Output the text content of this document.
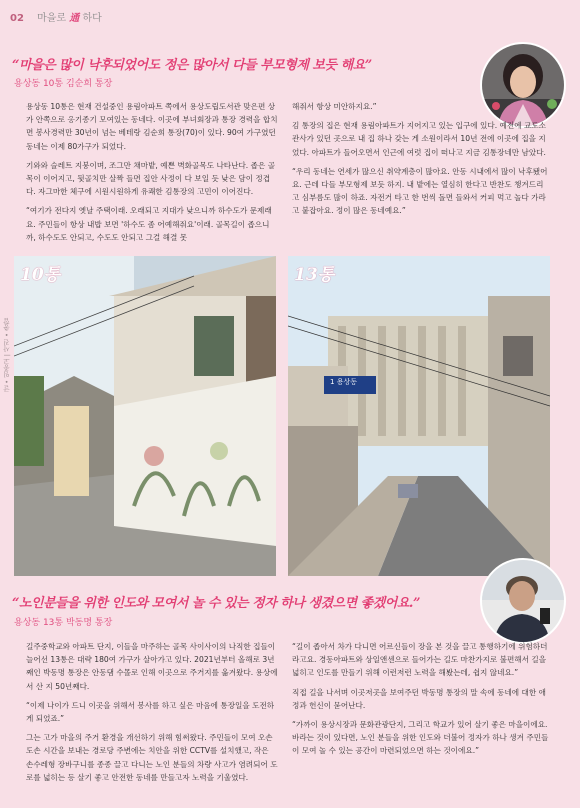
02 마을로 通 하다
“마을은 많이 낙후되었어도 정은 많아서 다들 부모형제 보듯 해요”
용상동 10통 김순희 통장

용상동 10통은 현재 건설중인 용림아파트 쪽에서 용상도립도서관 맞은편 상가 안쪽으로 옹기종기 모여있는 동네다. 이곳에 부녀회장과 통장 경력을 합치면 봉사경력만 30년이 넘는 베테랑 김순희 통장(70)이 있다. 90여 가구였던 동네는 이제 80가구가 되었다.

기와와 슬레트 지붕이며, 조그만 채마밭, 예쁜 벽화골목도 나타난다. 좁은 골목이 이어지고, 뒷골치만 살짝 들면 집안 사정이 다 보일 듯 낮은 담이 정겹다. 자그마한 체구에 시원시원하게 유쾌한 김통장의 고민이 이어진다.

“여기가 전다지 옛날 주택이래. 오래되고 지대가 낮으니까 하수도가 문제래요. 주민들이 항상 내밥 보면 '하수도 좀 어예해줘요'이래. 골목길이 좁으니까, 하수도도 안되고, 수도도 안되고 그걸 해결 못

해줘서 항상 미안하지요.”

김 통장의 집은 현재 용림아파트가 지어지고 있는 입구에 있다. 예전에 교도소관사가 있던 곳으로 내 집 하나 갖는 게 소원이라서 10년 전에 이곳에 집을 지었다. 아파트가 들어오면서 인근에 여럿 집이 떠나고 지금 김통장네만 남았다.

“우리 동네는 연세가 많으신 취약계층이 많아요. 안동 시내에서 많이 낙후됐어요. 근데 다들 부모형제 보듯 하지. 내 밭에는 열심히 한다고 반찬도 챙겨드리고 심부름도 많이 하죠. 자전거 타고 한 번씩 돌면 들와서 커피 먹고 놀다 가라고 붙잡아요. 정이 많은 동네예요.”

글 • 임종고 | 사진 • 총합
10통
1 용상동
13통
“노인분들을 위한 인도와 모여서 놀 수 있는 정자 하나 생겼으면 좋겠어요.”
용상동 13통 박동명 통장

길주중학교와 아파트 단지, 이들을 마주하는 골목 사이사이의 나직한 집들이 늘어선 13통은 대략 180여 가구가 살아가고 있다. 2021년부터 올해로 3년째인 박동명 통장은 안동댐 수몰로 인해 이곳으로 주거지를 옮겨왔다. 용상에서 산 지 50년째다.

“이제 나이가 드니 이곳을 위해서 봉사를 하고 싶은 마음에 통장일을 도전하게 되었죠.”

그는 고가 마을의 주거 환경을 개선하기 위해 힘써왔다. 주민들이 모여 오손도손 시간을 보내는 경로당 주변에는 치안을 위한 CCTV를 설치했고, 작은 손수레형 장바구니를 종종 끌고 다니는 노인 분들의 차량 사고가 염려되어 도로를 넓히는 등 살기 좋고 안전한 동네를 만들고자 노력을 기울였다.

“길이 좁아서 차가 다니면 어르신들이 장을 본 것을 끌고 통행하기에 위험하더라고요. 경동아파트와 상일앤센으로 들어가는 길도 마찬가지로 불편해서 길을 넓히고 인도를 만들기 위해 이런저런 노력을 해봤는데, 쉽지 않네요.”

직접 길을 나서며 이곳저곳을 보여주던 박동명 통장의 말 속에 동네에 대한 애정과 헌신이 묻어난다.

“가까이 용상시장과 문화관광단지, 그리고 학교가 있어 살기 좋은 마을이에요. 바라는 것이 있다면, 노인 분들을 위한 인도와 더불어 정자가 하나 생겨 주민들이 모여 놀 수 있는 공간이 마련되었으면 하는 것이에요.”
